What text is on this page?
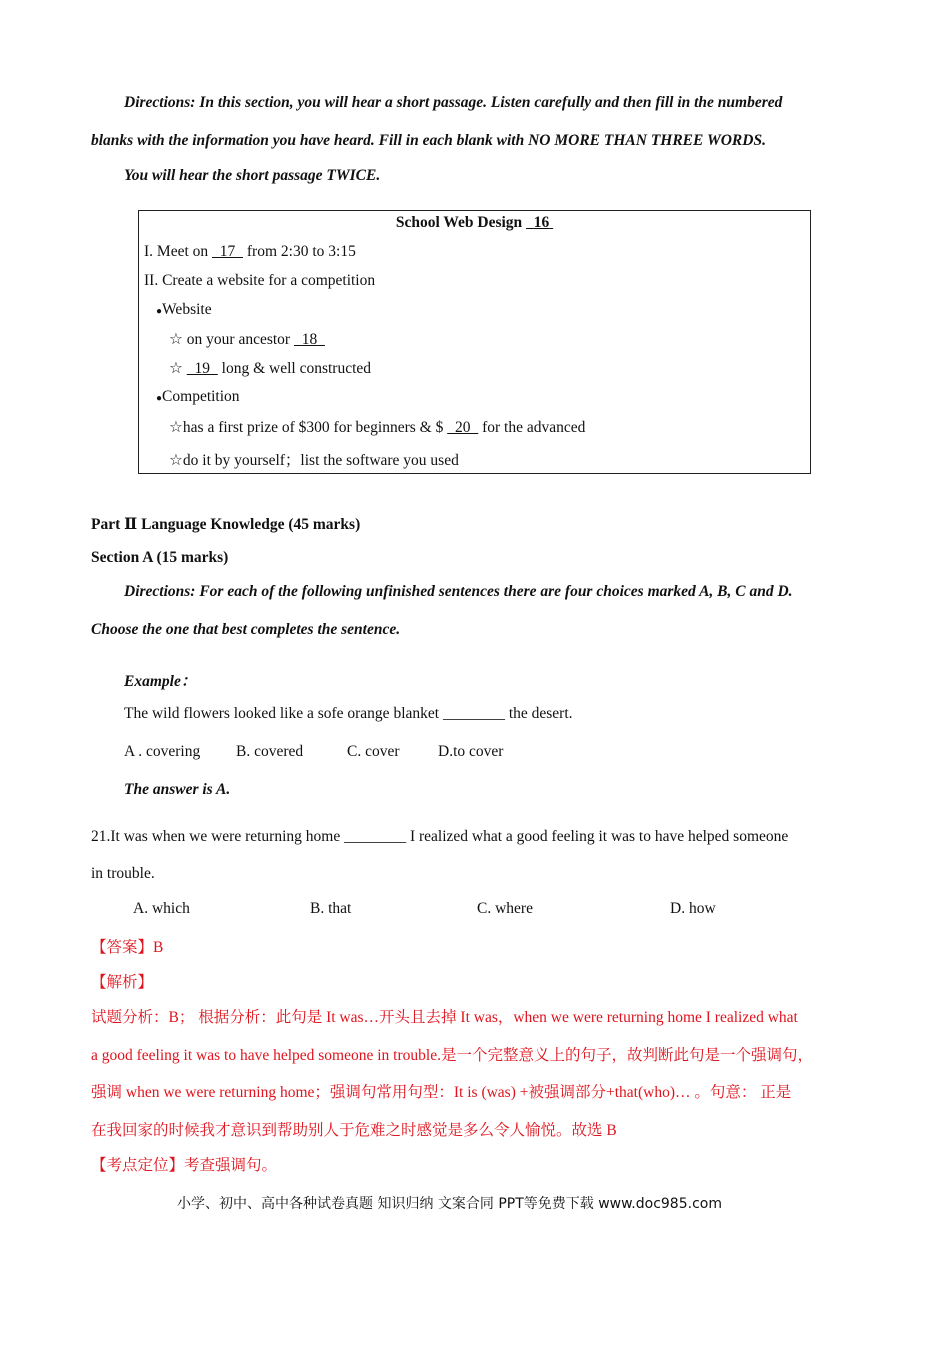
Directions: In this section, you will hear a short passage. Listen carefully and then fill in the numbered
blanks with the information you have heard. Fill in each blank with NO MORE THAN THREE WORDS.
You will hear the short passage TWICE.
School Web Design 16
I. Meet on 17 from 2:30 to 3:15
II. Create a website for a competition
●Website
☆ on your ancestor 18
☆ 19 long & well constructed
●Competition
☆has a first prize of $300 for beginners & $ 20 for the advanced
☆do it by yourself；list the software you used
Part Ⅱ Language Knowledge (45 marks)
Section A (15 marks)
Directions: For each of the following unfinished sentences there are four choices marked A, B, C and D.
Choose the one that best completes the sentence.
Example：
The wild flowers looked like a sofe orange blanket ________ the desert.
A . covering B. covered	C. cover D.to cover
The answer is A.
21.It was when we were returning home ________ I realized what a good feeling it was to have helped someone
in trouble.
A. which	B. that	C. where	D. how
【答案】B
【解析】
试题分析：B； 根据分析：此句是 It was…开头且去掉 It was，when we were returning home I realized what
a good feeling it was to have helped someone in trouble.是一个完整意义上的句子，故判断此句是一个强调句，
强调 when we were returning home；强调句常用句型：It is (was) +被强调部分+that(who)… 。句意： 正是
在我回家的时候我才意识到帮助别人于危难之时感觉是多么令人愉悦。故选 B
【考点定位】考查强调句。
小学、初中、高中各种试卷真题 知识归纳 文案合同 PPT等免费下载 www.doc985.com
